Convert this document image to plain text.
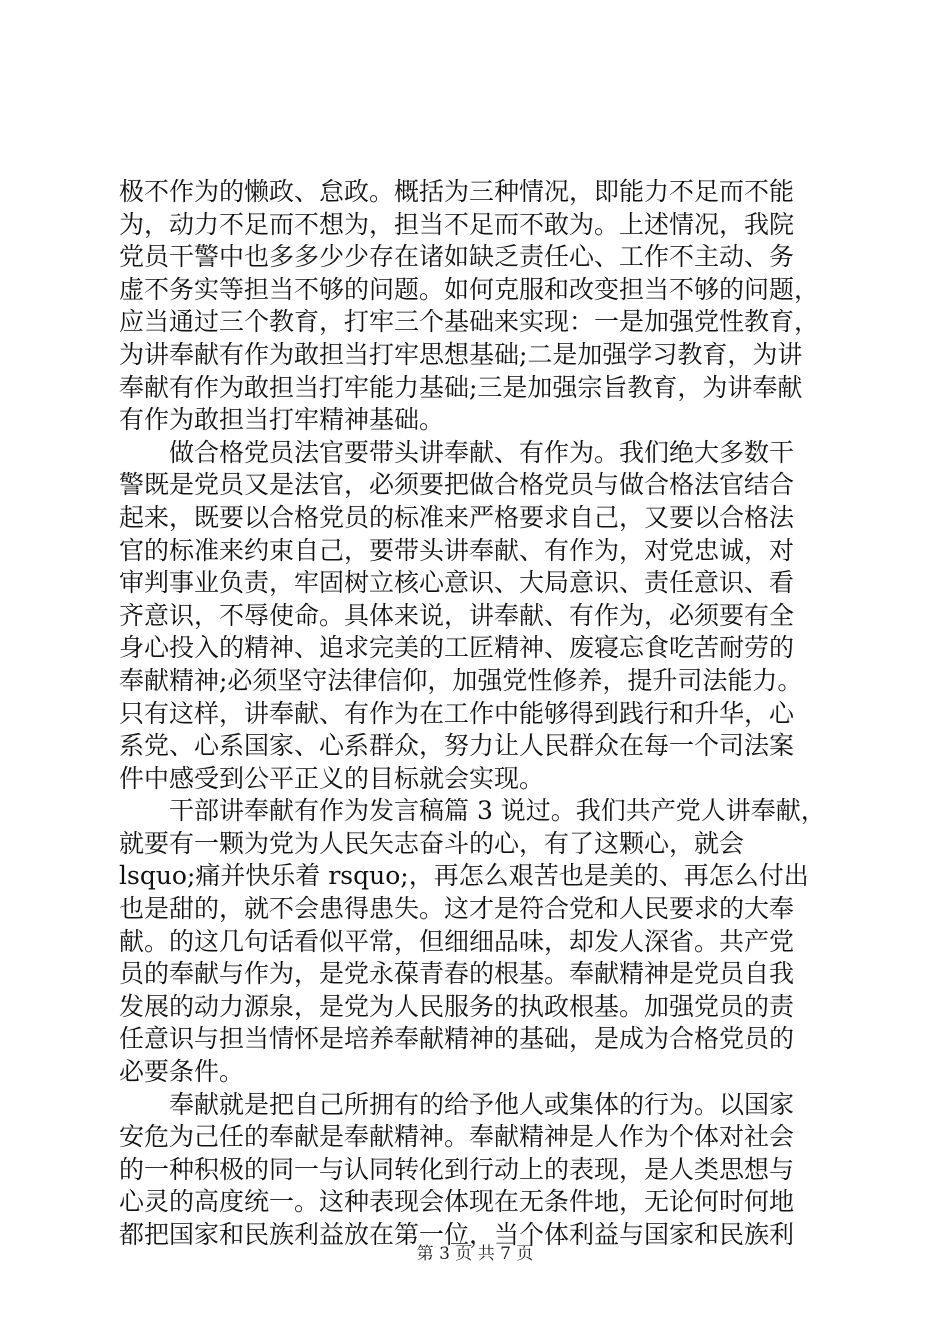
极不作为的懒政、怠政。概括为三种情况，即能力不足而不能
为，动力不足而不想为，担当不足而不敢为。上述情况，我院
党员干警中也多多少少存在诸如缺乏责任心、工作不主动、务
虚不务实等担当不够的问题。如何克服和改变担当不够的问题，
应当通过三个教育，打牢三个基础来实现：一是加强党性教育，
为讲奉献有作为敢担当打牢思想基础;二是加强学习教育，为讲
奉献有作为敢担当打牢能力基础;三是加强宗旨教育，为讲奉献
有作为敢担当打牢精神基础。
　　做合格党员法官要带头讲奉献、有作为。我们绝大多数干
警既是党员又是法官，必须要把做合格党员与做合格法官结合
起来，既要以合格党员的标准来严格要求自己，又要以合格法
官的标准来约束自己，要带头讲奉献、有作为，对党忠诚，对
审判事业负责，牢固树立核心意识、大局意识、责任意识、看
齐意识，不辱使命。具体来说，讲奉献、有作为，必须要有全
身心投入的精神、追求完美的工匠精神、废寝忘食吃苦耐劳的
奉献精神;必须坚守法律信仰，加强党性修养，提升司法能力。
只有这样，讲奉献、有作为在工作中能够得到践行和升华，心
系党、心系国家、心系群众，努力让人民群众在每一个司法案
件中感受到公平正义的目标就会实现。
　　干部讲奉献有作为发言稿篇 3 说过。我们共产党人讲奉献，
就要有一颗为党为人民矢志奋斗的心，有了这颗心，就会
lsquo;痛并快乐着 rsquo;，再怎么艰苦也是美的、再怎么付出
也是甜的，就不会患得患失。这才是符合党和人民要求的大奉
献。的这几句话看似平常，但细细品味，却发人深省。共产党
员的奉献与作为，是党永葆青春的根基。奉献精神是党员自我
发展的动力源泉，是党为人民服务的执政根基。加强党员的责
任意识与担当情怀是培养奉献精神的基础，是成为合格党员的
必要条件。
　　奉献就是把自己所拥有的给予他人或集体的行为。以国家
安危为己任的奉献是奉献精神。奉献精神是人作为个体对社会
的一种积极的同一与认同转化到行动上的表现，是人类思想与
心灵的高度统一。这种表现会体现在无条件地，无论何时何地
都把国家和民族利益放在第一位，当个体利益与国家和民族利
第 3 页 共 7 页
